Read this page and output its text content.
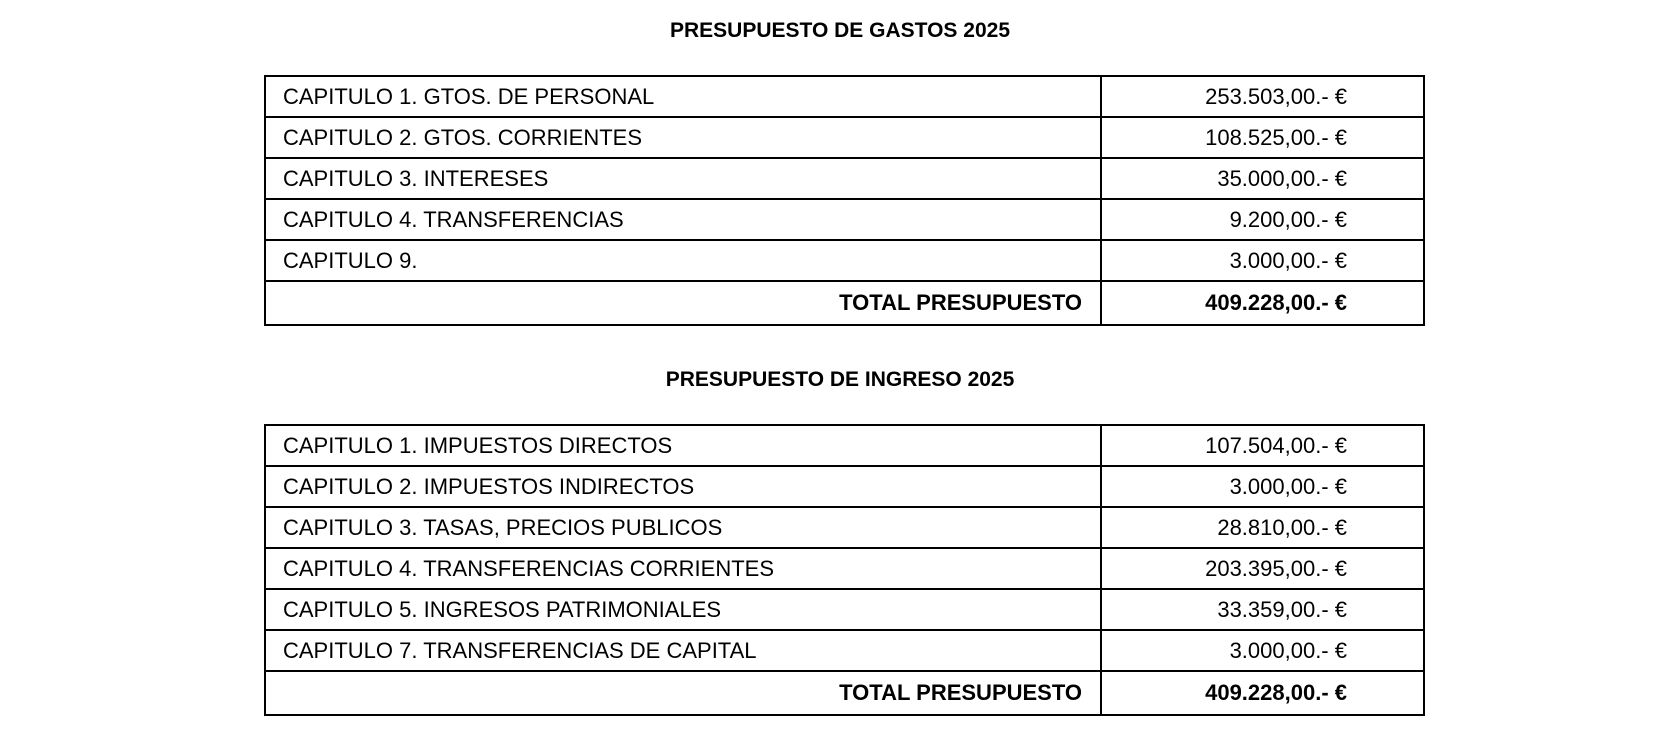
PRESUPUESTO DE GASTOS 2025
CAPITULO 1. GTOS. DE PERSONAL	253.503,00.- €
CAPITULO 2. GTOS. CORRIENTES	108.525,00.- €
CAPITULO 3. INTERESES	35.000,00.- €
CAPITULO 4. TRANSFERENCIAS	9.200,00.- €
CAPITULO 9.	3.000,00.- €
TOTAL PRESUPUESTO	409.228,00.- €
PRESUPUESTO DE INGRESO 2025
CAPITULO 1. IMPUESTOS DIRECTOS	107.504,00.- €
CAPITULO 2. IMPUESTOS INDIRECTOS	3.000,00.- €
CAPITULO 3. TASAS, PRECIOS PUBLICOS	28.810,00.- €
CAPITULO 4. TRANSFERENCIAS CORRIENTES	203.395,00.- €
CAPITULO 5. INGRESOS PATRIMONIALES	33.359,00.- €
CAPITULO 7. TRANSFERENCIAS DE CAPITAL	3.000,00.- €
TOTAL PRESUPUESTO	409.228,00.- €
